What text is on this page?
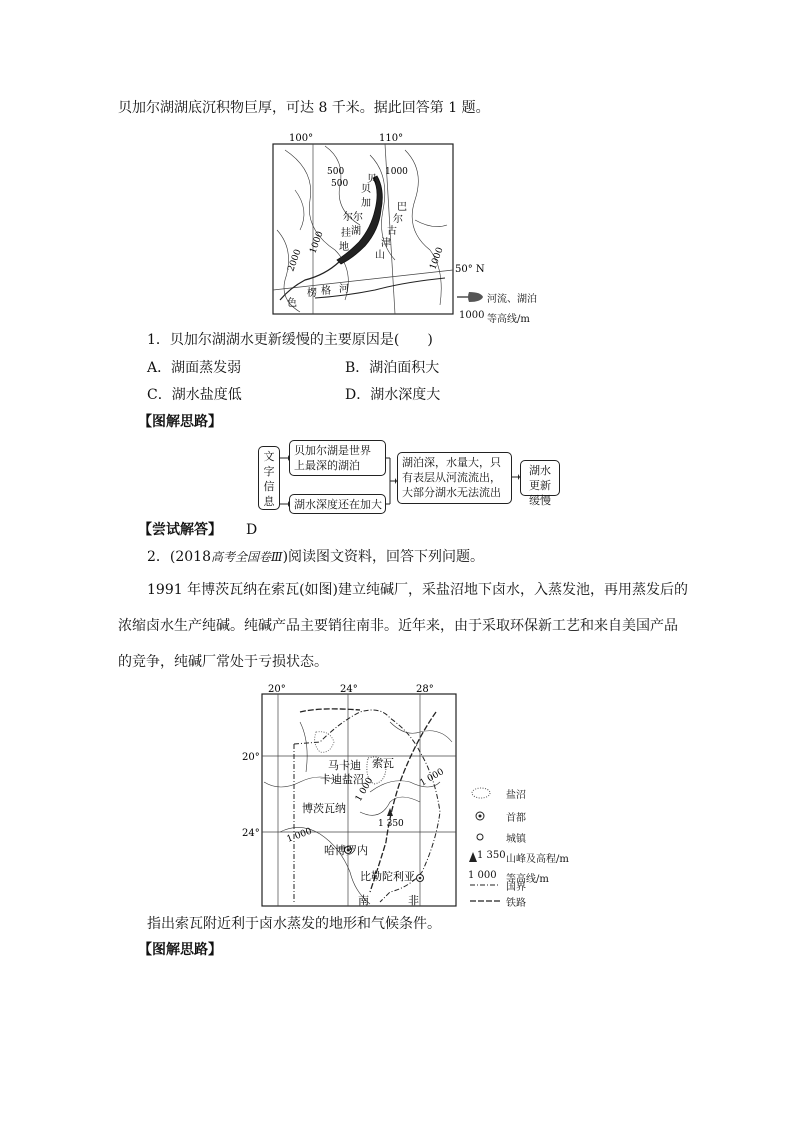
贝加尔湖湖底沉积物巨厚，可达 8 千米。据此回答第 1 题。
100°	110°
50° N
500
500
1000
1000
2000	1000
色
楞 格 河
贝
加
尔
湖
巴
尔
古
津
山
挂
地
贝
尔
河流、湖泊
1000 等高线/m
1．贝加尔湖湖水更新缓慢的主要原因是(　　)
A．湖面蒸发弱	B．湖泊面积大
C．湖水盐度低	D．湖水深度大
【图解思路】
文字信息
贝加尔湖是世界上最深的湖泊
湖水深度还在加大
湖泊深，水量大，只有表层从河流流出，大部分湖水无法流出
湖水更新缓慢
【尝试解答】 D
2．(2018高考全国卷Ⅲ)阅读图文资料，回答下列问题。
1991 年博茨瓦纳在索瓦(如图)建立纯碱厂，采盐沼地下卤水，入蒸发池，再用蒸发后的
浓缩卤水生产纯碱。纯碱产品主要销往南非。近年来，由于采取环保新工艺和来自美国产品
的竞争，纯碱厂常处于亏损状态。
20°	24°	28°
20°
24°
马卡迪
卡迪盐沼
索瓦
博茨瓦纳
哈博罗内
比勒陀利亚
南	非
1 350
1 000
1 000	1 000
盐沼
首都
城镇
1 350 山峰及高程/m
1 000 等高线/m
国界
铁路
指出索瓦附近利于卤水蒸发的地形和气候条件。
【图解思路】
